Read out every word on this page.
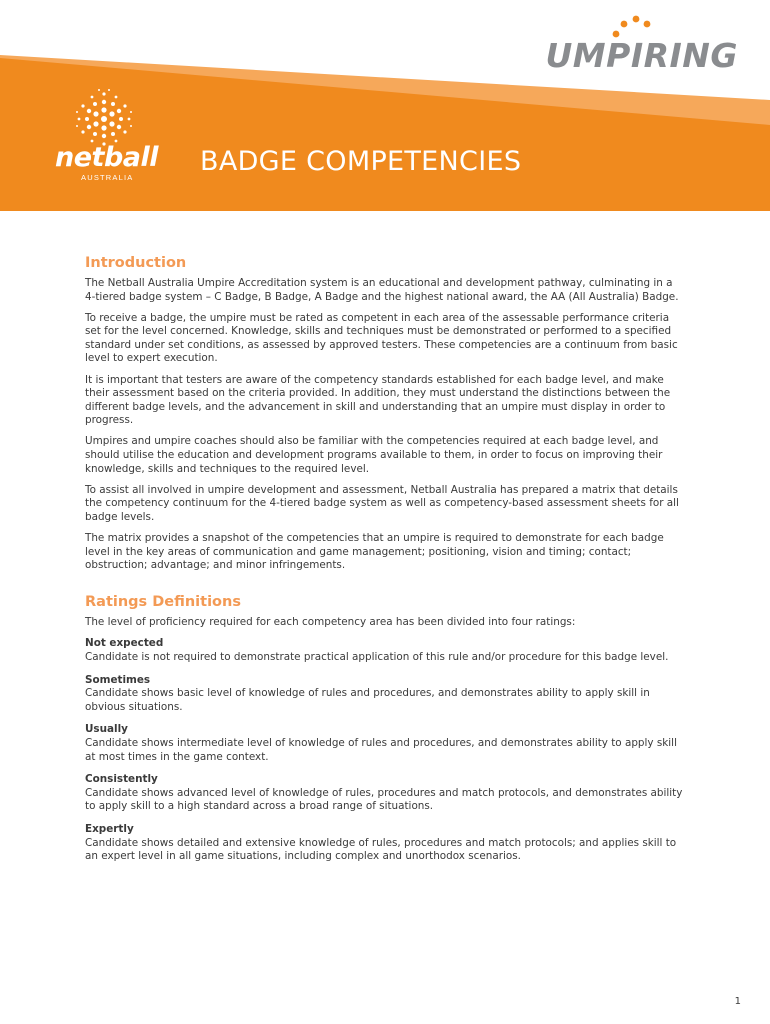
UMPIRING
netball
AUSTRALIA
BADGE COMPETENCIES
Introduction

The Netball Australia Umpire Accreditation system is an educational and development pathway, culminating in a 4-tiered badge system – C Badge, B Badge, A Badge and the highest national award, the AA (All Australia) Badge.

To receive a badge, the umpire must be rated as competent in each area of the assessable performance criteria set for the level concerned. Knowledge, skills and techniques must be demonstrated or performed to a specified standard under set conditions, as assessed by approved testers. These competencies are a continuum from basic level to expert execution.

It is important that testers are aware of the competency standards established for each badge level, and make their assessment based on the criteria provided. In addition, they must understand the distinctions between the different badge levels, and the advancement in skill and understanding that an umpire must display in order to progress.

Umpires and umpire coaches should also be familiar with the competencies required at each badge level, and should utilise the education and development programs available to them, in order to focus on improving their knowledge, skills and techniques to the required level.

To assist all involved in umpire development and assessment, Netball Australia has prepared a matrix that details the competency continuum for the 4-tiered badge system as well as competency-based assessment sheets for all badge levels.

The matrix provides a snapshot of the competencies that an umpire is required to demonstrate for each badge level in the key areas of communication and game management; positioning, vision and timing; contact; obstruction; advantage; and minor infringements.

Ratings Definitions

The level of proficiency required for each competency area has been divided into four ratings:

Not expected
Candidate is not required to demonstrate practical application of this rule and/or procedure for this badge level.
Sometimes
Candidate shows basic level of knowledge of rules and procedures, and demonstrates ability to apply skill in obvious situations.
Usually
Candidate shows intermediate level of knowledge of rules and procedures, and demonstrates ability to apply skill at most times in the game context.
Consistently
Candidate shows advanced level of knowledge of rules, procedures and match protocols, and demonstrates ability to apply skill to a high standard across a broad range of situations.
Expertly
Candidate shows detailed and extensive knowledge of rules, procedures and match protocols; and applies skill to an expert level in all game situations, including complex and unorthodox scenarios.
1
